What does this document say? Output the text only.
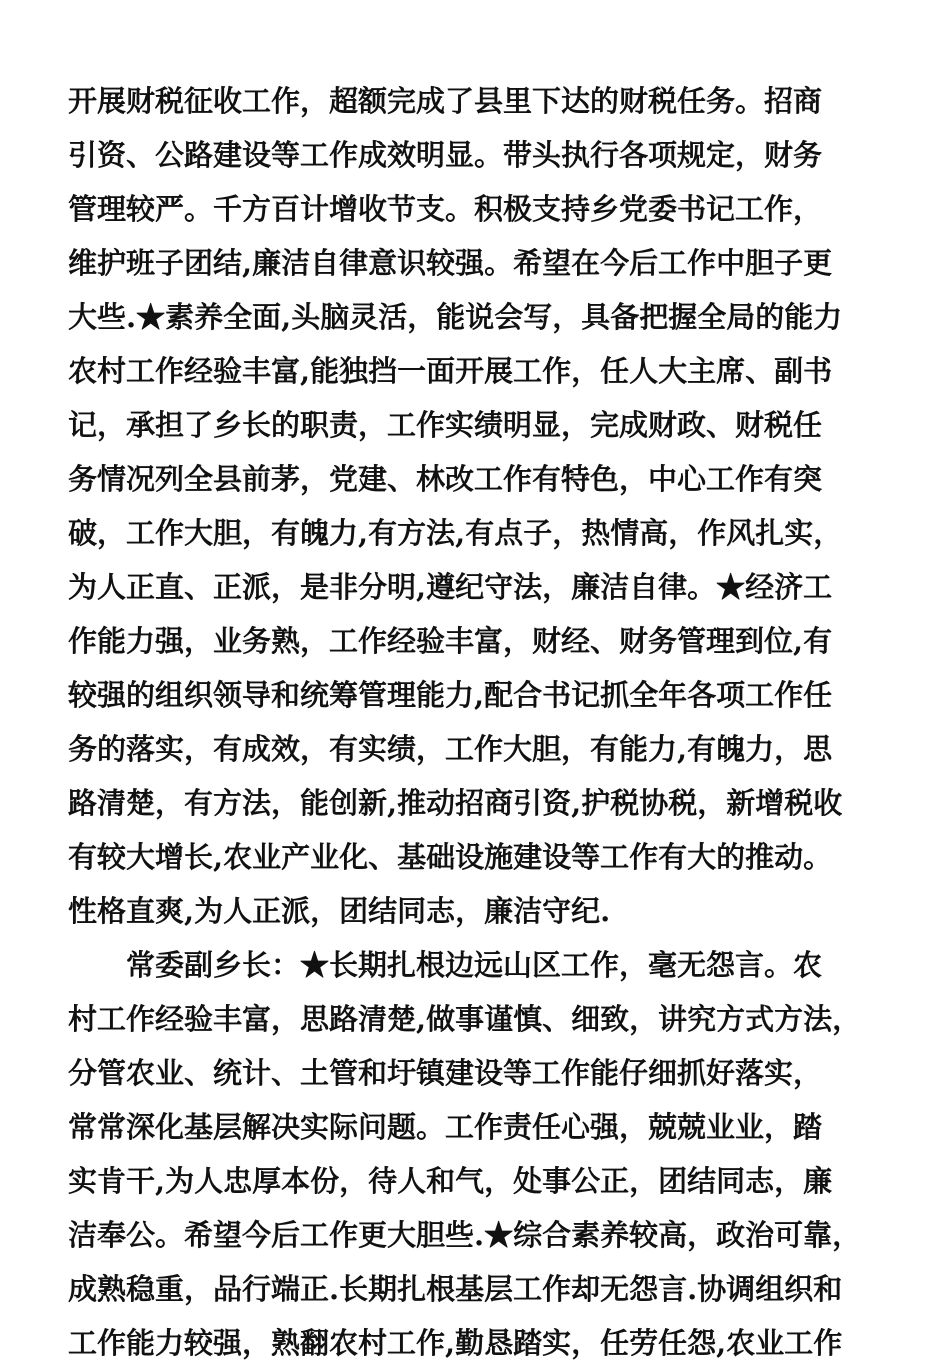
开展财税征收工作，超额完成了县里下达的财税任务。招商
引资、公路建设等工作成效明显。带头执行各项规定，财务
管理较严。千方百计增收节支。积极支持乡党委书记工作，
维护班子团结,廉洁自律意识较强。希望在今后工作中胆子更
大些.★素养全面,头脑灵活，能说会写，具备把握全局的能力
农村工作经验丰富,能独挡一面开展工作，任人大主席、副书
记，承担了乡长的职责，工作实绩明显，完成财政、财税任
务情况列全县前茅，党建、林改工作有特色，中心工作有突
破，工作大胆，有魄力,有方法,有点子，热情高，作风扎实，
为人正直、正派，是非分明,遵纪守法，廉洁自律。★经济工
作能力强，业务熟，工作经验丰富，财经、财务管理到位,有
较强的组织领导和统筹管理能力,配合书记抓全年各项工作任
务的落实，有成效，有实绩，工作大胆，有能力,有魄力，思
路清楚，有方法，能创新,推动招商引资,护税协税，新增税收
有较大增长,农业产业化、基础设施建设等工作有大的推动。
性格直爽,为人正派，团结同志，廉洁守纪.
常委副乡长：★长期扎根边远山区工作，毫无怨言。农
村工作经验丰富，思路清楚,做事谨慎、细致，讲究方式方法，
分管农业、统计、土管和圩镇建设等工作能仔细抓好落实，
常常深化基层解决实际问题。工作责任心强，兢兢业业，踏
实肯干,为人忠厚本份，待人和气，处事公正，团结同志，廉
洁奉公。希望今后工作更大胆些.★综合素养较高，政治可靠，
成熟稳重，品行端正.长期扎根基层工作却无怨言.协调组织和
工作能力较强，熟翻农村工作,勤恳踏实，任劳任怨,农业工作
